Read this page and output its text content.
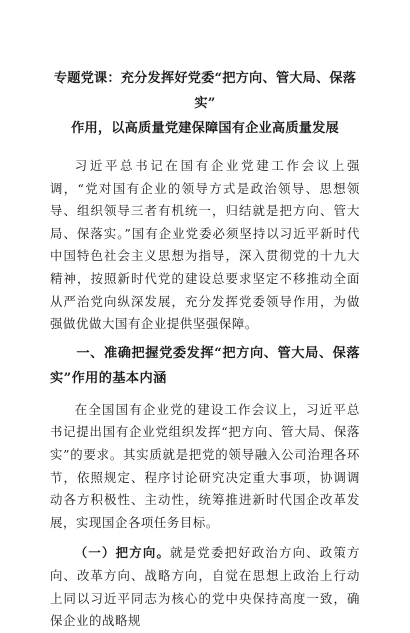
专题党课：充分发挥好党委“把方向、管大局、保落实”
作用，以高质量党建保障国有企业高质量发展

习近平总书记在国有企业党建工作会议上强调，“党对国有企业的领导方式是政治领导、思想领导、组织领导三者有机统一，归结就是把方向、管大局、保落实。”国有企业党委必须坚持以习近平新时代中国特色社会主义思想为指导，深入贯彻党的十九大精神，按照新时代党的建设总要求坚定不移推动全面从严治党向纵深发展，充分发挥党委领导作用，为做强做优做大国有企业提供坚强保障。

一、准确把握党委发挥“把方向、管大局、保落实”作用的基本内涵

在全国国有企业党的建设工作会议上，习近平总书记提出国有企业党组织发挥“把方向、管大局、保落实”的要求。其实质就是把党的领导融入公司治理各环节，依照规定、程序讨论研究决定重大事项，协调调动各方积极性、主动性，统筹推进新时代国企改革发展，实现国企各项任务目标。

（一）把方向。就是党委把好政治方向、政策方向、改革方向、战略方向，自觉在思想上政治上行动上同以习近平同志为核心的党中央保持高度一致，确保企业的战略规
